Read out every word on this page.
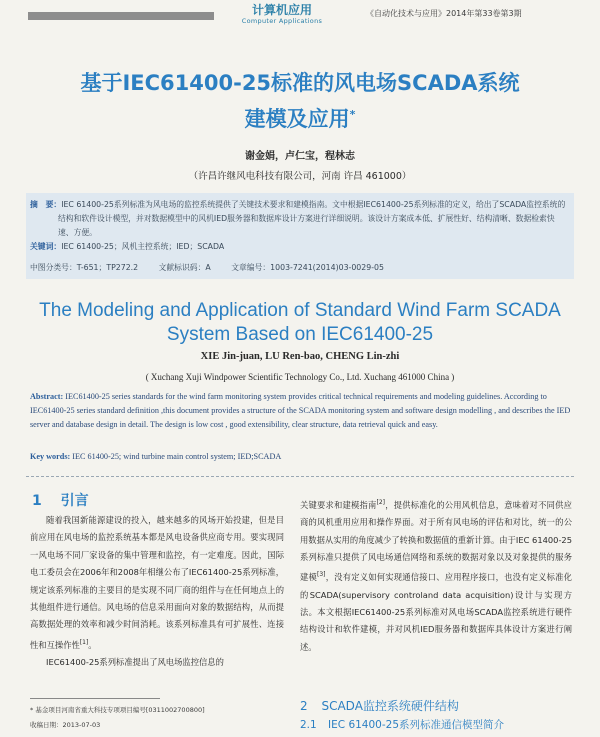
计算机应用
Computer Applications
《自动化技术与应用》2014年第33卷第3期
基于IEC61400-25标准的风电场SCADA系统
建模及应用*
谢金娟，卢仁宝，程林志
（许昌许继风电科技有限公司，河南 许昌 461000）
摘　要：IEC 61400-25系列标准为风电场的监控系统提供了关键技术要求和建模指南。文中根据IEC61400-25系列标准的定义，给出了SCADA监控系统的结构和软件设计模型，并对数据模型中的风机IED服务器和数据库设计方案进行详细说明。该设计方案成本低、扩展性好、结构清晰、数据检索快速、方便。
关键词：IEC 61400-25；风机主控系统；IED；SCADA
中图分类号：T-651；TP272.2	文献标识码：A	文章编号：1003-7241(2014)03-0029-05
The Modeling and Application of Standard Wind Farm SCADA
System Based on IEC61400-25
XIE Jin-juan, LU Ren-bao, CHENG Lin-zhi
( Xuchang Xuji Windpower Scientific Technology Co., Ltd. Xuchang 461000 China )
Abstract: IEC61400-25 series standards for the wind farm monitoring system provides critical technical requirements and modeling guidelines. According to IEC61400-25 series standard definition ,this document provides a structure of the SCADA monitoring system and software design modelling , and describes the IED server and database design in detail. The design is low cost , good extensibility, clear structure, data retrieval quick and easy.
Key words: IEC 61400-25; wind turbine main control system; IED;SCADA
1 引言
随着我国新能源建设的投入，越来越多的风场开始投建，但是目前应用在风电场的监控系统基本都是风电设备供应商专用。要实现同一风电场不同厂家设备的集中管理和监控，有一定难度。因此，国际电工委员会在2006年和2008年相继公布了IEC61400-25系列标准，规定该系列标准的主要目的是实现不同厂商的组件与在任何地点上的其他组件进行通信。风电场的信息采用面向对象的数据结构，从而提高数据处理的效率和减少时间消耗。该系列标准具有可扩展性、连接性和互操作性[1]。
IEC61400-25系列标准提出了风电场监控信息的
关键要求和建模指南[2]，提供标准化的公用风机信息，意味着对不同供应商的风机重用应用和操作界面。对于所有风电场的评估和对比，统一的公用数据从实用的角度减少了转换和数据值的重新计算。由于IEC 61400-25系列标准只提供了风电场通信网络和系统的数据对象以及对象提供的服务建模[3]，没有定义如何实现通信接口、应用程序接口，也没有定义标准化的SCADA(supervisory controland data acquisition)设计与实现方法。本文根据IEC61400-25系列标准对风电场SCADA监控系统进行硬件结构设计和软件建模，并对风机IED服务器和数据库具体设计方案进行阐述。
2 SCADA监控系统硬件结构
2.1 IEC 61400-25系列标准通信模型简介
* 基金项目河南省重大科技专项项目编号[0311002700800]
收稿日期：2013-07-03
